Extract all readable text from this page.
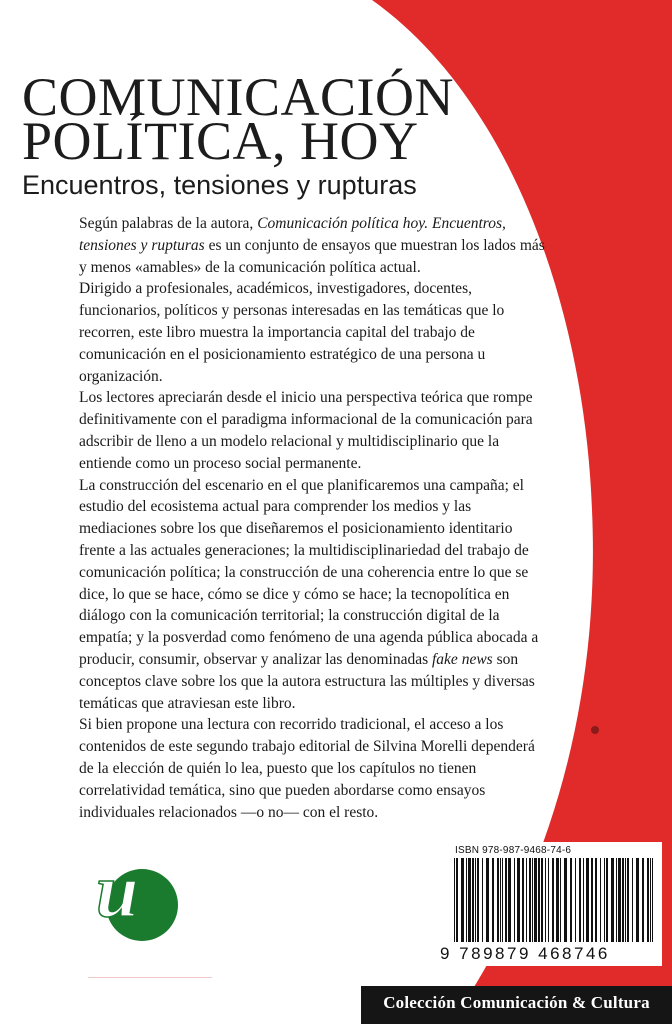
COMUNICACIÓN
POLÍTICA, HOY
Encuentros, tensiones y rupturas

Según palabras de la autora, Comunicación política hoy. Encuentros, tensiones y rupturas es un conjunto de ensayos que muestran los lados más y menos «amables» de la comunicación política actual.

Dirigido a profesionales, académicos, investigadores, docentes, funcionarios, políticos y personas interesadas en las temáticas que lo recorren, este libro muestra la importancia capital del trabajo de comunicación en el posicionamiento estratégico de una persona u organización.

Los lectores apreciarán desde el inicio una perspectiva teórica que rompe definitivamente con el paradigma informacional de la comunicación para adscribir de lleno a un modelo relacional y multidisciplinario que la entiende como un proceso social permanente.

La construcción del escenario en el que planificaremos una campaña; el estudio del ecosistema actual para comprender los medios y las mediaciones sobre los que diseñaremos el posicionamiento identitario frente a las actuales generaciones; la multidisciplinariedad del trabajo de comunicación política; la construcción de una coherencia entre lo que se dice, lo que se hace, cómo se dice y cómo se hace; la tecnopolítica en diálogo con la comunicación territorial; la construcción digital de la empatía; y la posverdad como fenómeno de una agenda pública abocada a producir, consumir, observar y analizar las denominadas fake news son conceptos clave sobre los que la autora estructura las múltiples y diversas temáticas que atraviesan este libro.

Si bien propone una lectura con recorrido tradicional, el acceso a los contenidos de este segundo trabajo editorial de Silvina Morelli dependerá de la elección de quién lo lea, puesto que los capítulos no tienen correlatividad temática, sino que pueden abordarse como ensayos individuales relacionados —o no— con el resto.

ISBN 978-987-9468-74-6
9 789879 468746
u
UGERMAN EDITOR
Ciencia & Técnica
Desde 1969 junto al libro
Colección Comunicación & Cultura
